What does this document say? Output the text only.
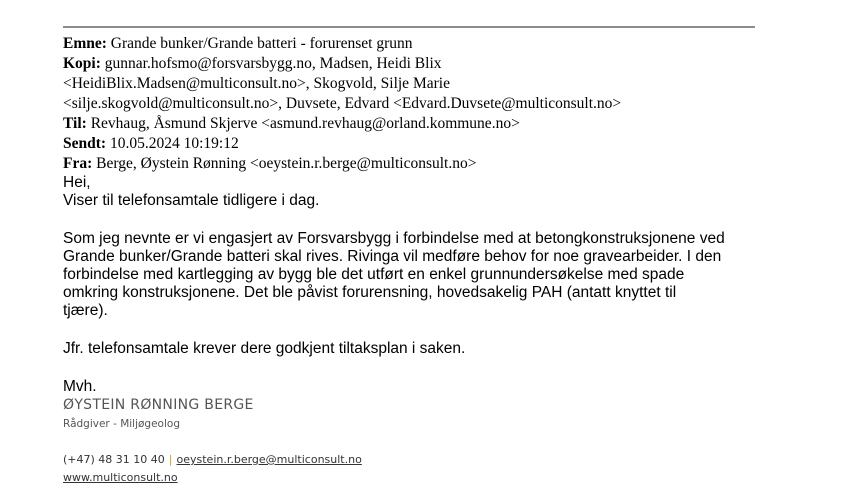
Emne: Grande bunker/Grande batteri - forurenset grunn
Kopi: gunnar.hofsmo@forsvarsbygg.no, Madsen, Heidi Blix
<HeidiBlix.Madsen@multiconsult.no>, Skogvold, Silje Marie
<silje.skogvold@multiconsult.no>, Duvsete, Edvard <Edvard.Duvsete@multiconsult.no>
Til: Revhaug, Åsmund Skjerve <asmund.revhaug@orland.kommune.no>
Sendt: 10.05.2024 10:19:12
Fra: Berge, Øystein Rønning <oeystein.r.berge@multiconsult.no>

Hei,

Viser til telefonsamtale tidligere i dag.

Som jeg nevnte er vi engasjert av Forsvarsbygg i forbindelse med at betongkonstruksjonene ved

Grande bunker/Grande batteri skal rives. Rivinga vil medføre behov for noe gravearbeider. I den

forbindelse med kartlegging av bygg ble det utført en enkel grunnundersøkelse med spade

omkring konstruksjonene. Det ble påvist forurensning, hovedsakelig PAH (antatt knyttet til

tjære).

Jfr. telefonsamtale krever dere godkjent tiltaksplan i saken.

Mvh.

ØYSTEIN RØNNING BERGE
Rådgiver - Miljøgeolog
(+47) 48 31 10 40 | oeystein.r.berge@multiconsult.no
www.multiconsult.no
